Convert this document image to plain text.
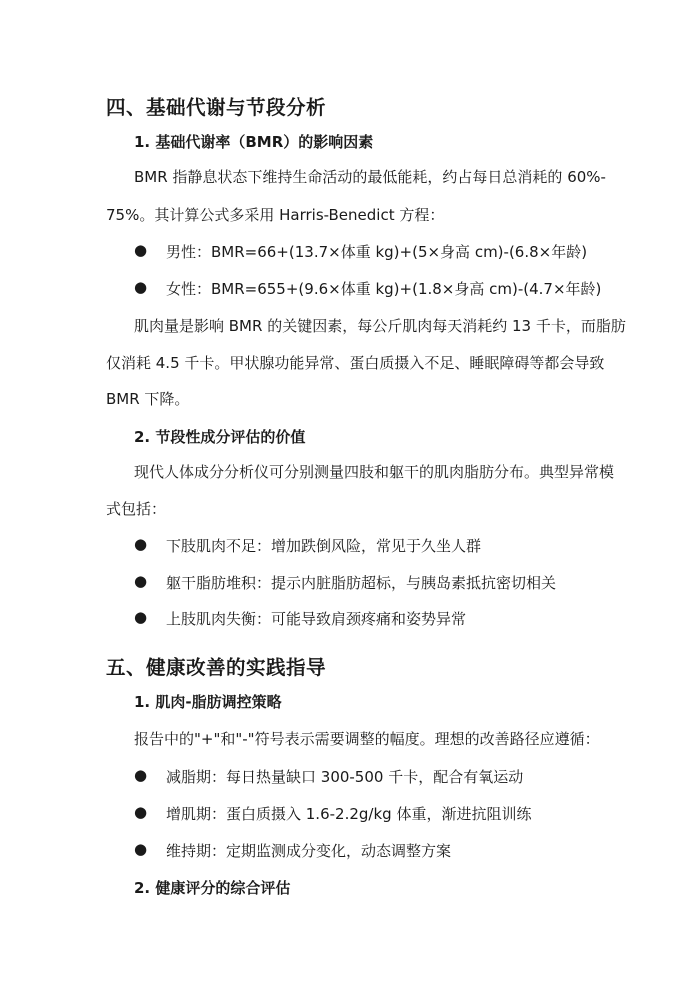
四、基础代谢与节段分析
1. 基础代谢率（BMR）的影响因素
BMR 指静息状态下维持生命活动的最低能耗，约占每日总消耗的 60%-
75%。其计算公式多采用 Harris-Benedict 方程：
● 男性：BMR=66+(13.7×体重 kg)+(5×身高 cm)-(6.8×年龄)
● 女性：BMR=655+(9.6×体重 kg)+(1.8×身高 cm)-(4.7×年龄)
肌肉量是影响 BMR 的关键因素，每公斤肌肉每天消耗约 13 千卡，而脂肪
仅消耗 4.5 千卡。甲状腺功能异常、蛋白质摄入不足、睡眠障碍等都会导致
BMR 下降。
2. 节段性成分评估的价值
现代人体成分分析仪可分别测量四肢和躯干的肌肉脂肪分布。典型异常模
式包括：
● 下肢肌肉不足：增加跌倒风险，常见于久坐人群
● 躯干脂肪堆积：提示内脏脂肪超标，与胰岛素抵抗密切相关
● 上肢肌肉失衡：可能导致肩颈疼痛和姿势异常
五、健康改善的实践指导
1. 肌肉-脂肪调控策略
报告中的"+"和"-"符号表示需要调整的幅度。理想的改善路径应遵循：
● 减脂期：每日热量缺口 300-500 千卡，配合有氧运动
● 增肌期：蛋白质摄入 1.6-2.2g/kg 体重，渐进抗阻训练
● 维持期：定期监测成分变化，动态调整方案
2. 健康评分的综合评估
